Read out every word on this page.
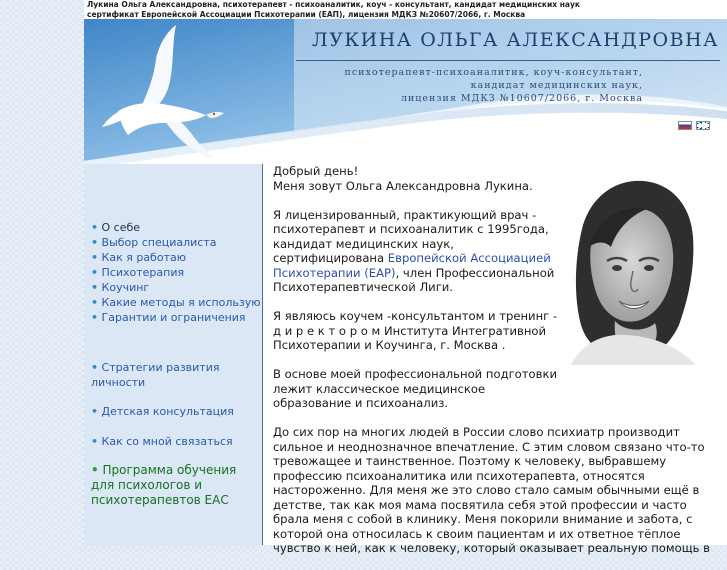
Лукина Ольга Александровна, психотерапевт - психоаналитик, коуч - консультант, кандидат медицинских наук
сертификат Европейской Ассоциации Психотерапии (ЕАП), лицензия МДКЗ №20607/2066, г. Москва
ЛУКИНА ОЛЬГА АЛЕКСАНДРОВНА
психотерапевт-психоаналитик, коуч-консультант,
кандидат медицинских наук,
лицензия МДКЗ №10607/2066, г. Москва
• О себе
• Выбор специалиста
• Как я работаю
• Психотерапия
• Коучинг
• Какие методы я использую
• Гарантии и ограничения
• Стратегии развития личности
• Детская консультация
• Как со мной связаться
• Программа обучения для психологов и психотерапевтов ЕАС

Добрый день!
Меня зовут Ольга Александровна Лукина.

Я лицензированный, практикующий врач - психотерапевт и психоаналитик с 1995года, кандидат медицинских наук, сертифицирована Европейской Ассоциацией Психотерапии (ЕАР), член Профессиональной Психотерапевтической Лиги.

Я являюсь коучем -консультантом и тренинг - д и р е к т о р о м Института Интегративной Психотерапии и Коучинга, г. Москва .

В основе моей профессиональной подготовки лежит классическое медицинское образование и психоанализ.

До сих пор на многих людей в России слово психиатр производит сильное и неоднозначное впечатление. С этим словом связано что-то тревожащее и таинственное. Поэтому к человеку, выбравшему профессию психоаналитика или психотерапевта, относятся настороженно. Для меня же это слово стало самым обычными ещё в детстве, так как моя мама посвятила себя этой профессии и часто брала меня с собой в клинику. Меня покорили внимание и забота, с которой она относилась к своим пациентам и их ответное тёплое чувство к ней, как к человеку, который оказывает реальную помощь в
